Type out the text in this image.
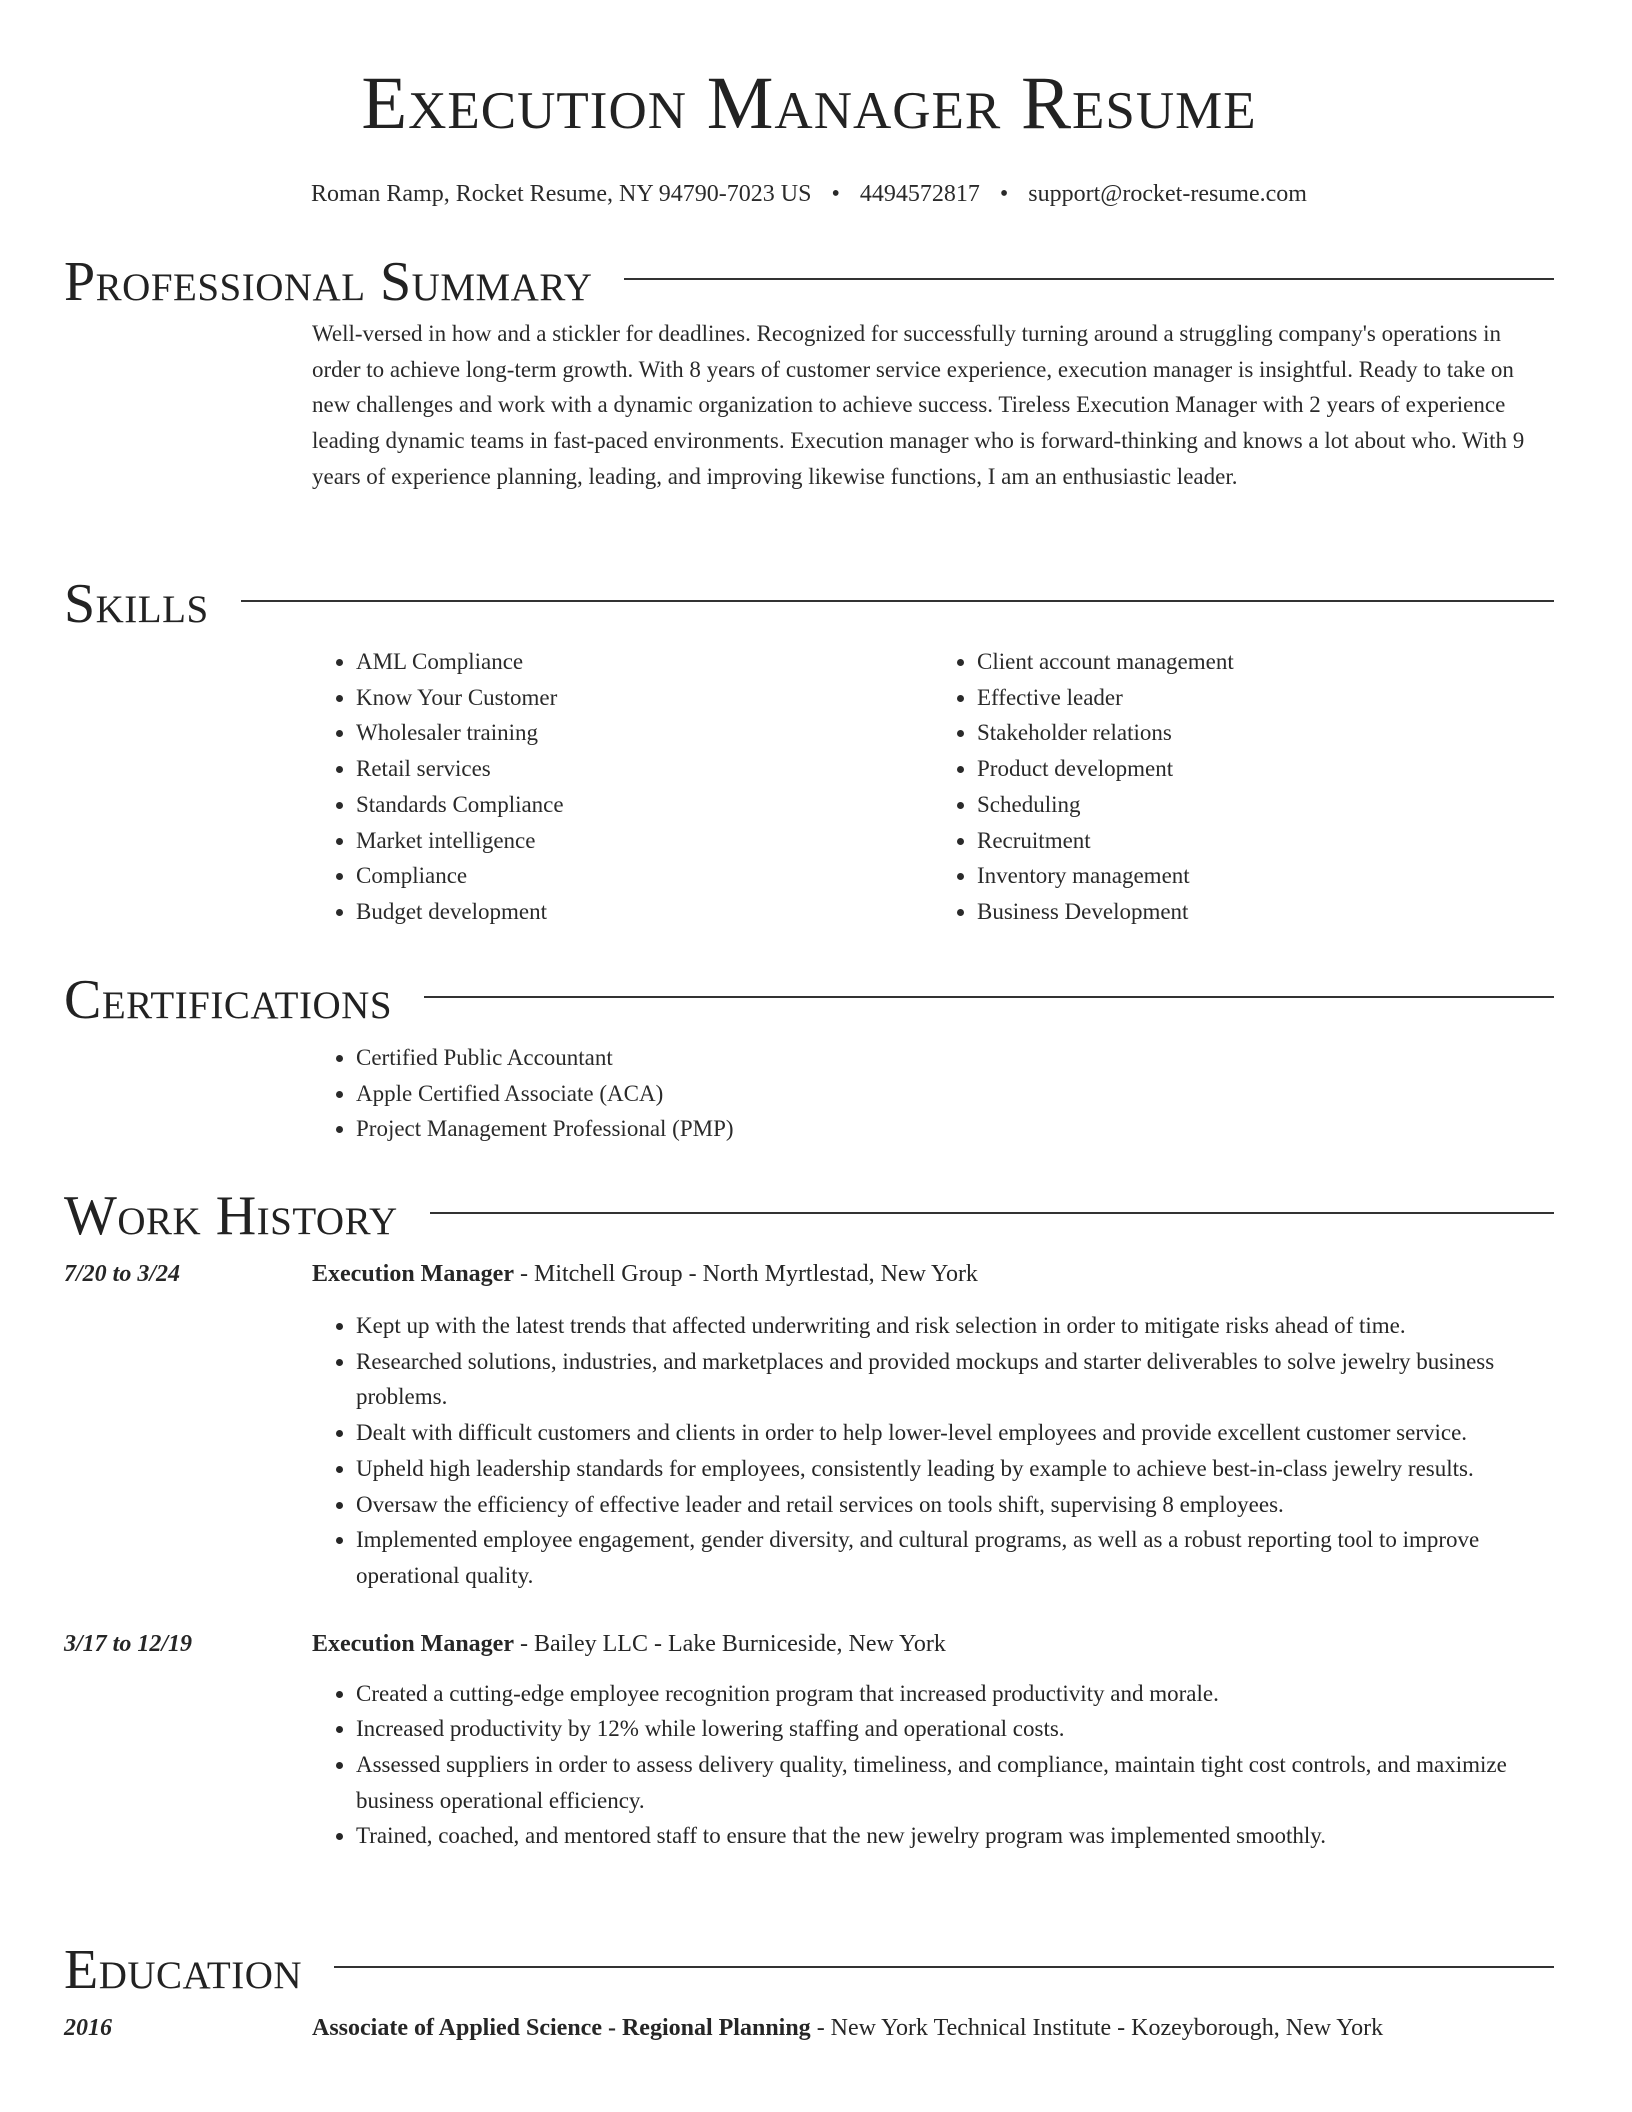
Execution Manager Resume
Roman Ramp, Rocket Resume, NY 94790-7023 US • 4494572817 • support@rocket-resume.com
Professional Summary

Well-versed in how and a stickler for deadlines. Recognized for successfully turning around a struggling company's operations in order to achieve long-term growth. With 8 years of customer service experience, execution manager is insightful. Ready to take on new challenges and work with a dynamic organization to achieve success. Tireless Execution Manager with 2 years of experience leading dynamic teams in fast-paced environments. Execution manager who is forward-thinking and knows a lot about who. With 9 years of experience planning, leading, and improving likewise functions, I am an enthusiastic leader.

Skills
• AML Compliance
• Know Your Customer
• Wholesaler training
• Retail services
• Standards Compliance
• Market intelligence
• Compliance
• Budget development
• Client account management
• Effective leader
• Stakeholder relations
• Product development
• Scheduling
• Recruitment
• Inventory management
• Business Development
Certifications
• Certified Public Accountant
• Apple Certified Associate (ACA)
• Project Management Professional (PMP)
Work History
7/20 to 3/24	Execution Manager - Mitchell Group - North Myrtlestad, New York
• Kept up with the latest trends that affected underwriting and risk selection in order to mitigate risks ahead of time.
• Researched solutions, industries, and marketplaces and provided mockups and starter deliverables to solve jewelry business problems.
• Dealt with difficult customers and clients in order to help lower-level employees and provide excellent customer service.
• Upheld high leadership standards for employees, consistently leading by example to achieve best-in-class jewelry results.
• Oversaw the efficiency of effective leader and retail services on tools shift, supervising 8 employees.
• Implemented employee engagement, gender diversity, and cultural programs, as well as a robust reporting tool to improve operational quality.
3/17 to 12/19	Execution Manager - Bailey LLC - Lake Burniceside, New York
• Created a cutting-edge employee recognition program that increased productivity and morale.
• Increased productivity by 12% while lowering staffing and operational costs.
• Assessed suppliers in order to assess delivery quality, timeliness, and compliance, maintain tight cost controls, and maximize business operational efficiency.
• Trained, coached, and mentored staff to ensure that the new jewelry program was implemented smoothly.
Education
2016	Associate of Applied Science - Regional Planning - New York Technical Institute - Kozeyborough, New York
